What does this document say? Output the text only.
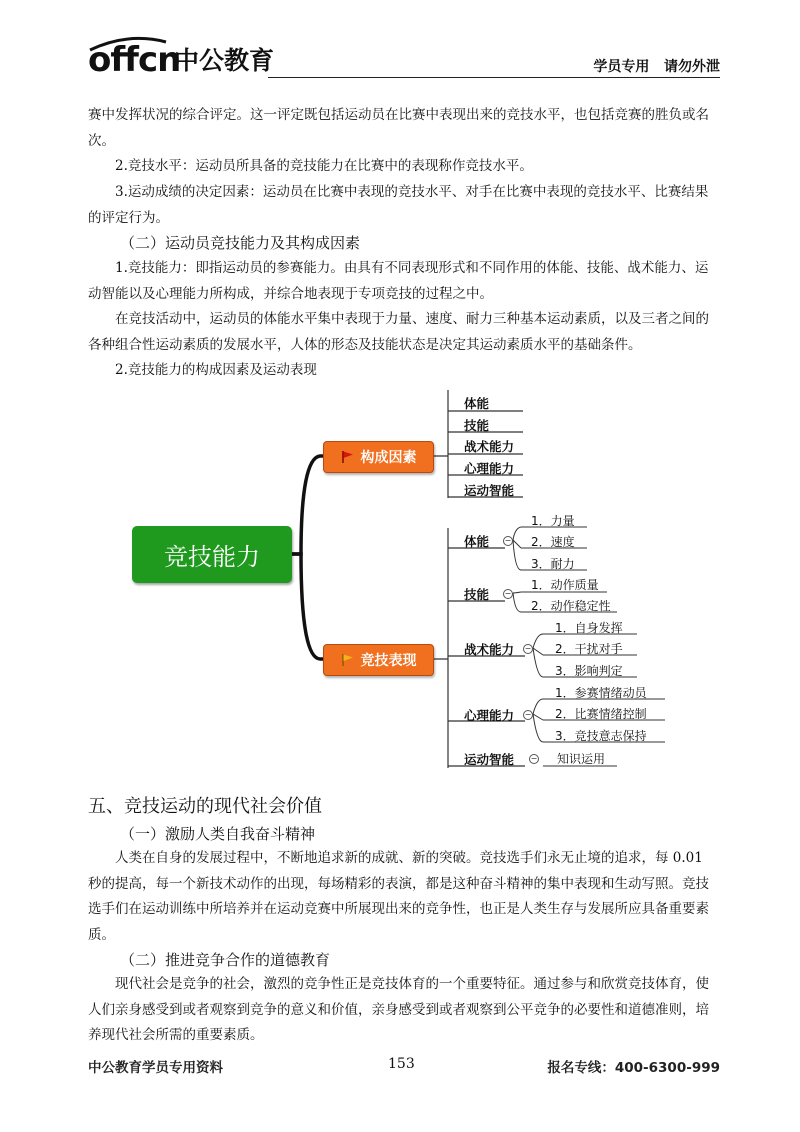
offcn
中公教育	学员专用   请勿外泄

赛中发挥状况的综合评定。这一评定既包括运动员在比赛中表现出来的竞技水平，也包括竞赛的胜负或名次。

2.竞技水平：运动员所具备的竞技能力在比赛中的表现称作竞技水平。

3.运动成绩的决定因素：运动员在比赛中表现的竞技水平、对手在比赛中表现的竞技水平、比赛结果的评定行为。

（二）运动员竞技能力及其构成因素

1.竞技能力：即指运动员的参赛能力。由具有不同表现形式和不同作用的体能、技能、战术能力、运动智能以及心理能力所构成，并综合地表现于专项竞技的过程之中。

在竞技活动中，运动员的体能水平集中表现于力量、速度、耐力三种基本运动素质，以及三者之间的各种组合性运动素质的发展水平，人体的形态及技能状态是决定其运动素质水平的基础条件。

2.竞技能力的构成因素及运动表现

竞技能力
构成因素
竞技表现
体能
技能
战术能力
心理能力
运动智能
体能 −
1．力量
2．速度
3．耐力
技能 −
1．动作质量
2．动作稳定性
战术能力 −
1．自身发挥
2．干扰对手
3．影响判定
心理能力 −
1．参赛情绪动员
2．比赛情绪控制
3．竞技意志保持
运动智能 − 知识运用
五、竞技运动的现代社会价值
（一）激励人类自我奋斗精神

人类在自身的发展过程中，不断地追求新的成就、新的突破。竞技选手们永无止境的追求，每 0.01 秒的提高，每一个新技术动作的出现，每场精彩的表演，都是这种奋斗精神的集中表现和生动写照。竞技选手们在运动训练中所培养并在运动竞赛中所展现出来的竞争性，也正是人类生存与发展所应具备重要素质。

（二）推进竞争合作的道德教育

现代社会是竞争的社会，激烈的竞争性正是竞技体育的一个重要特征。通过参与和欣赏竞技体育，使人们亲身感受到或者观察到竞争的意义和价值，亲身感受到或者观察到公平竞争的必要性和道德准则，培养现代社会所需的重要素质。

中公教育学员专用资料	153	报名专线：400-6300-999
